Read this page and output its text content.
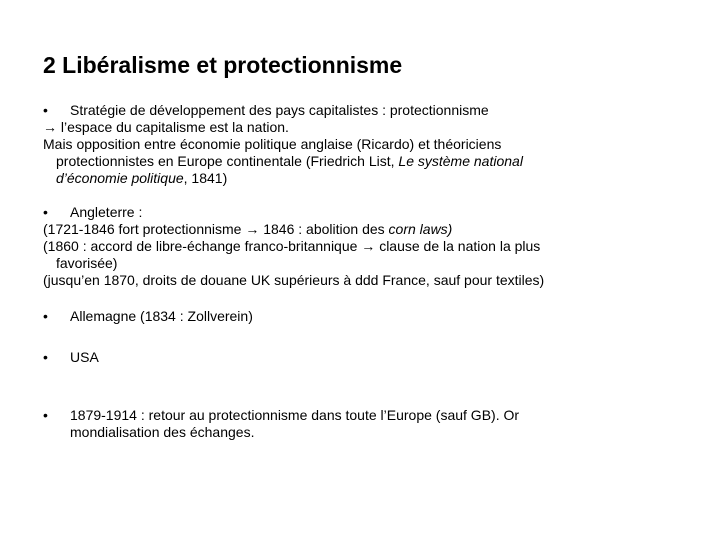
2 Libéralisme et protectionnisme
•	Stratégie de développement des pays capitalistes : protectionnisme
→ l’espace du capitalisme est la nation.
Mais opposition entre économie politique anglaise (Ricardo) et théoriciens
protectionnistes en Europe continentale (Friedrich List, Le système national
d’économie politique, 1841)
•	Angleterre :
(1721-1846 fort protectionnisme → 1846 : abolition des corn laws)
(1860 : accord de libre-échange franco-britannique → clause de la nation la plus
favorisée)
(jusqu’en 1870, droits de douane UK supérieurs à ddd France, sauf pour textiles)
•	Allemagne (1834 : Zollverein)
•	USA
•	1879-1914 : retour au protectionnisme dans toute l’Europe (sauf GB). Or
mondialisation des échanges.
